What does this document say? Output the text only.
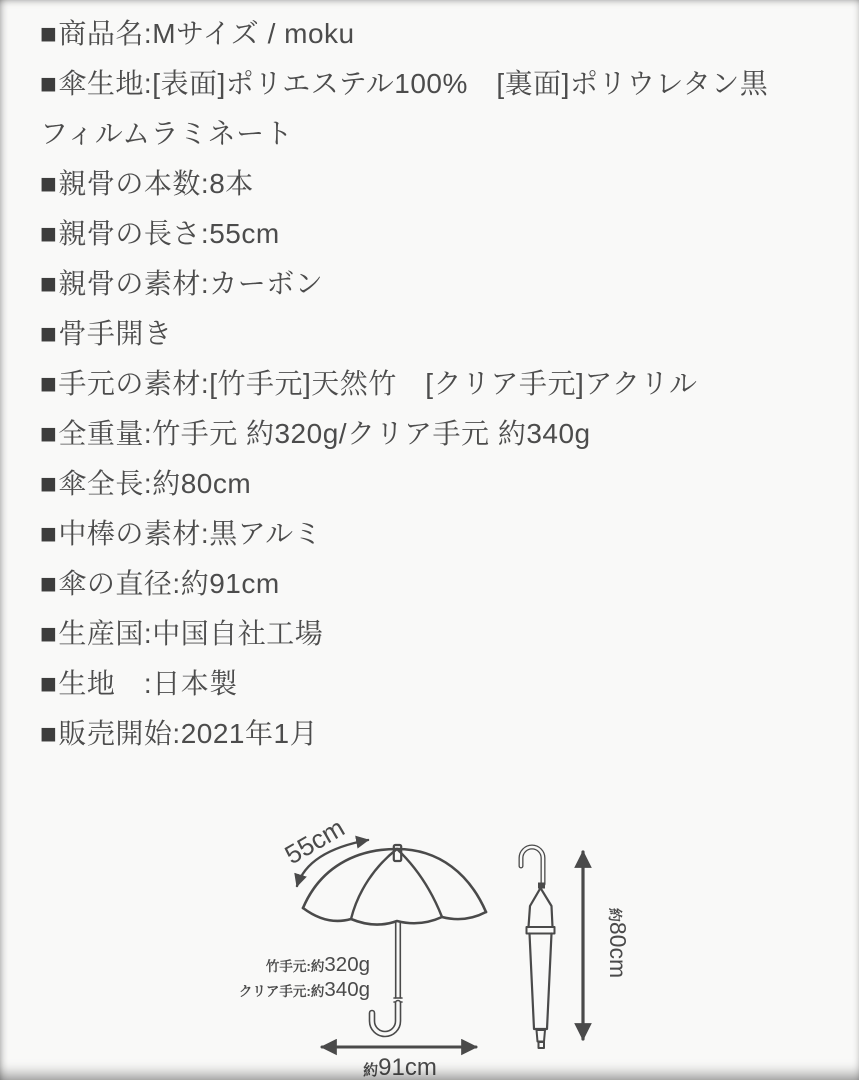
■商品名:Mサイズ / moku
■傘生地:[表面]ポリエステル100%　[裏面]ポリウレタン黒
フィルムラミネート
■親骨の本数:8本
■親骨の長さ:55cm
■親骨の素材:カーボン
■骨手開き
■手元の素材:[竹手元]天然竹　[クリア手元]アクリル
■全重量:竹手元 約320g/クリア手元 約340g
■傘全長:約80cm
■中棒の素材:黒アルミ
■傘の直径:約91cm
■生産国:中国自社工場
■生地　:日本製
■販売開始:2021年1月
55cm
竹手元:約320g
クリア手元:約340g
約91cm
約80cm
